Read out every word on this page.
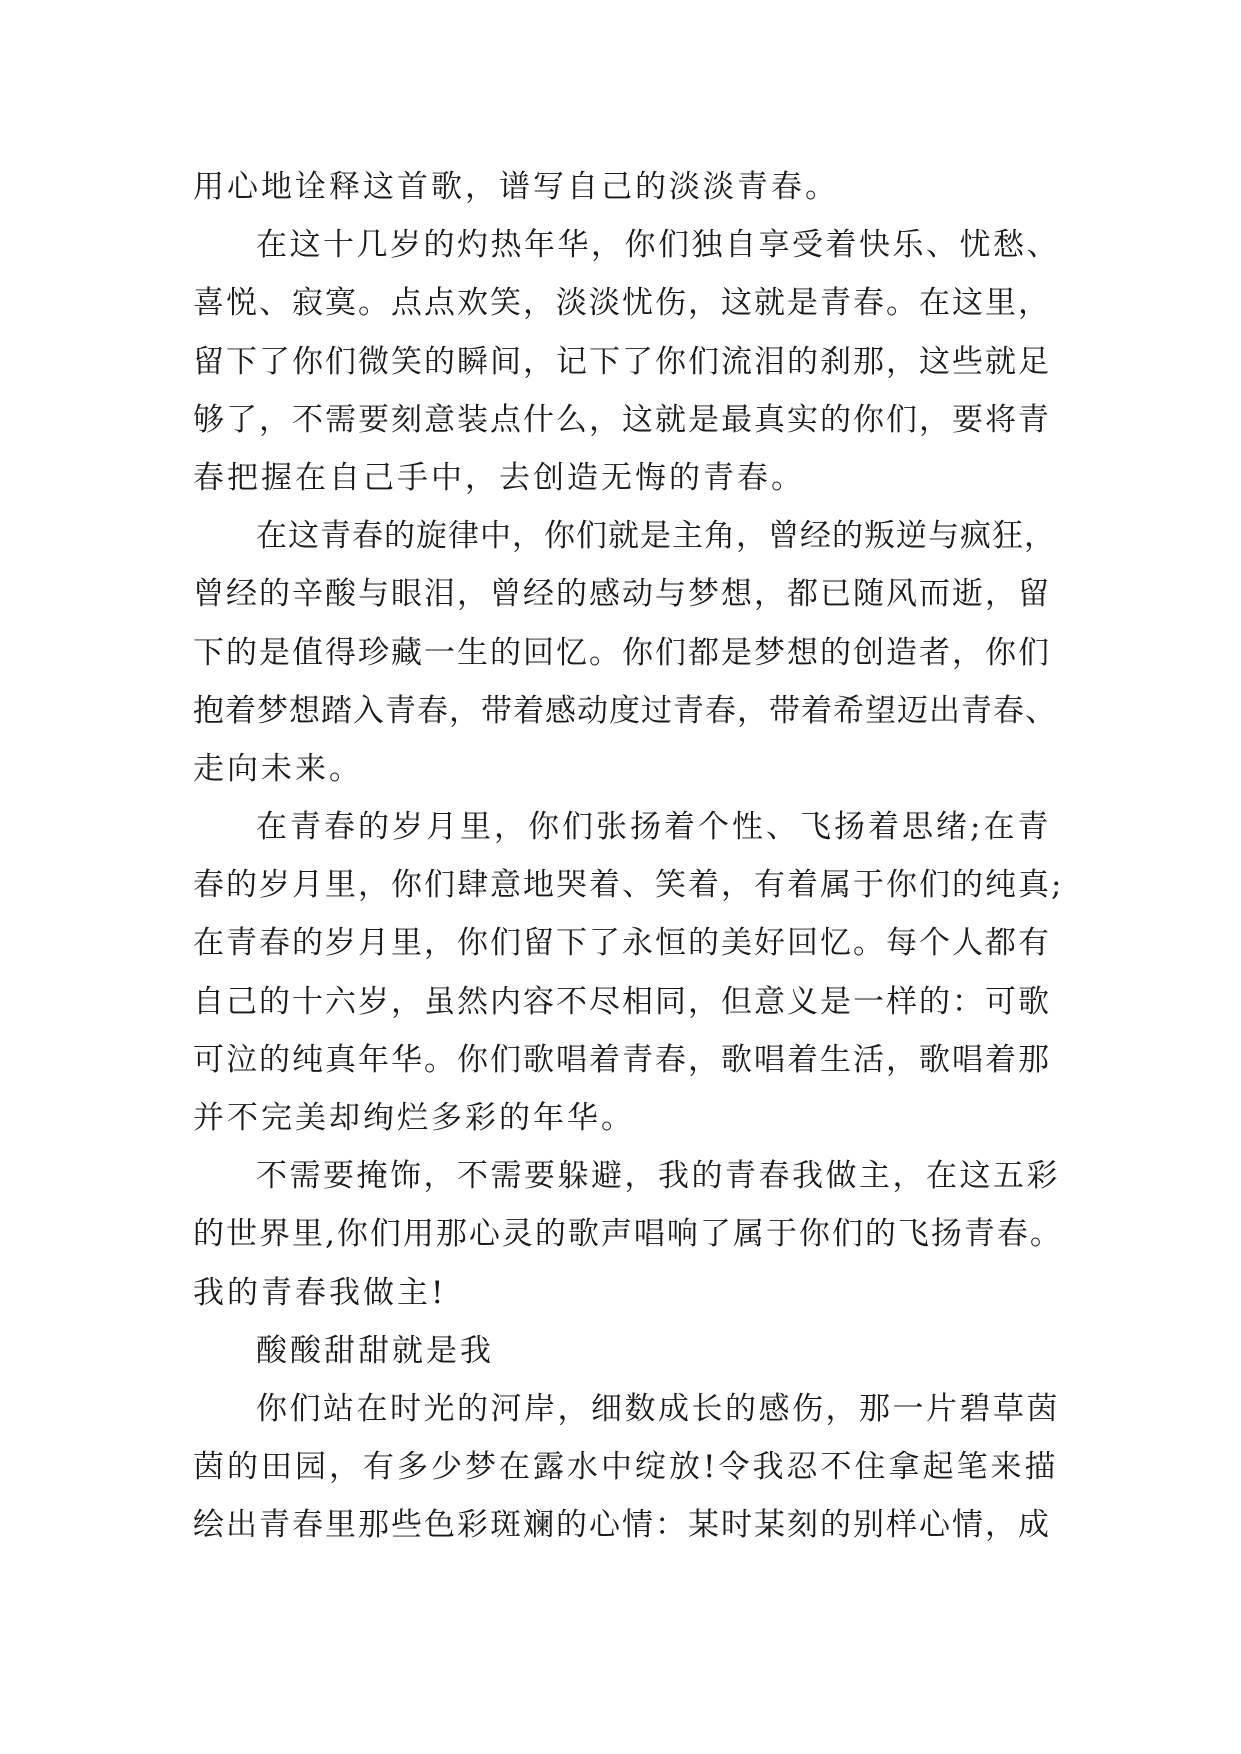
用心地诠释这首歌，谱写自己的淡淡青春。
在这十几岁的灼热年华，你们独自享受着快乐、忧愁、
喜悦、寂寞。点点欢笑，淡淡忧伤，这就是青春。在这里，
留下了你们微笑的瞬间，记下了你们流泪的刹那，这些就足
够了，不需要刻意装点什么，这就是最真实的你们，要将青
春把握在自己手中，去创造无悔的青春。
在这青春的旋律中，你们就是主角，曾经的叛逆与疯狂，
曾经的辛酸与眼泪，曾经的感动与梦想，都已随风而逝，留
下的是值得珍藏一生的回忆。你们都是梦想的创造者，你们
抱着梦想踏入青春，带着感动度过青春，带着希望迈出青春、
走向未来。
在青春的岁月里，你们张扬着个性、飞扬着思绪;在青
春的岁月里，你们肆意地哭着、笑着，有着属于你们的纯真;
在青春的岁月里，你们留下了永恒的美好回忆。每个人都有
自己的十六岁，虽然内容不尽相同，但意义是一样的：可歌
可泣的纯真年华。你们歌唱着青春，歌唱着生活，歌唱着那
并不完美却绚烂多彩的年华。
不需要掩饰，不需要躲避，我的青春我做主，在这五彩
的世界里,你们用那心灵的歌声唱响了属于你们的飞扬青春。
我的青春我做主!
酸酸甜甜就是我
你们站在时光的河岸，细数成长的感伤，那一片碧草茵
茵的田园，有多少梦在露水中绽放!令我忍不住拿起笔来描
绘出青春里那些色彩斑斓的心情：某时某刻的别样心情，成
